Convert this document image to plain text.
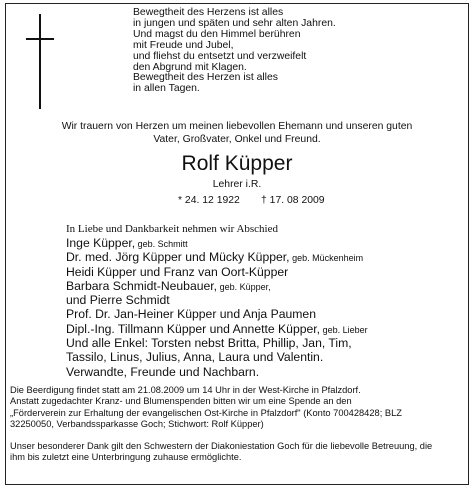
Bewegtheit des Herzens ist alles
in jungen und späten und sehr alten Jahren.
Und magst du den Himmel berühren
mit Freude und Jubel,
und fliehst du entsetzt und verzweifelt
den Abgrund mit Klagen.
Bewegtheit des Herzen ist alles
in allen Tagen.
Wir trauern von Herzen um meinen liebevollen Ehemann und unseren guten
Vater, Großvater, Onkel und Freund.
Rolf Küpper
Lehrer i.R.
* 24. 12 1922 † 17. 08 2009
In Liebe und Dankbarkeit nehmen wir Abschied
Inge Küpper, geb. Schmitt
Dr. med. Jörg Küpper und Mücky Küpper, geb. Mückenheim
Heidi Küpper und Franz van Oort-Küpper
Barbara Schmidt-Neubauer, geb. Küpper,
und Pierre Schmidt
Prof. Dr. Jan-Heiner Küpper und Anja Paumen
Dipl.-Ing. Tillmann Küpper und Annette Küpper, geb. Lieber
Und alle Enkel: Torsten nebst Britta, Phillip, Jan, Tim,
Tassilo, Linus, Julius, Anna, Laura und Valentin.
Verwandte, Freunde und Nachbarn.
Die Beerdigung findet statt am 21.08.2009 um 14 Uhr in der West-Kirche in Pfalzdorf.
Anstatt zugedachter Kranz- und Blumenspenden bitten wir um eine Spende an den
„Förderverein zur Erhaltung der evangelischen Ost-Kirche in Pfalzdorf" (Konto 700428428; BLZ
32250050, Verbandssparkasse Goch; Stichwort: Rolf Küpper)
Unser besonderer Dank gilt den Schwestern der Diakoniestation Goch für die liebevolle Betreuung, die
ihm bis zuletzt eine Unterbringung zuhause ermöglichte.
